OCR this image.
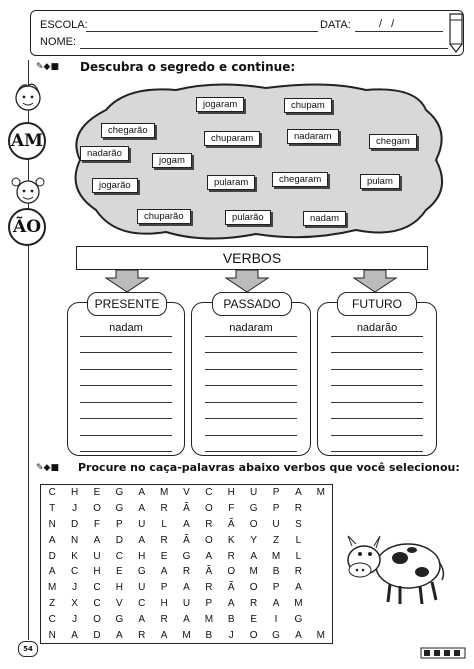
ESCOLA:	DATA:	/ /
NOME:
✎◆■ Descubra o segredo e continue:
AM
ÃO
jogaram	chupam
chegarão
chuparam	nadaram	chegam
nadarão
jogam
chegaram
jogarão	pularam	pulam
chuparão	pularão	nadam
VERBOS
PRESENTE
nadam
PASSADO
nadaram
FUTURO
nadarão
✎◆■ Procure no caça-palavras abaixo verbos que você selecionou:
C	H	E	G	A	M	V	C	H	U	P	A	M
T	J	O	G	A	R	Ã	O	F	G	P	R
N	D	F	P	U	L	A	R	Ã	O	U	S
A	N	A	D	A	R	Ã	O	K	Y	Z	L
D	K	U	C	H	E	G	A	R	A	M	L
A	C	H	E	G	A	R	Ã	O	M	B	R
M	J	C	H	U	P	A	R	Ã	O	P	A
Z	X	C	V	C	H	U	P	A	R	A	M
C	J	O	G	A	R	A	M	B	E	I	G
N	A	D	A	R	A	M	B	J	O	G	A	M
54
